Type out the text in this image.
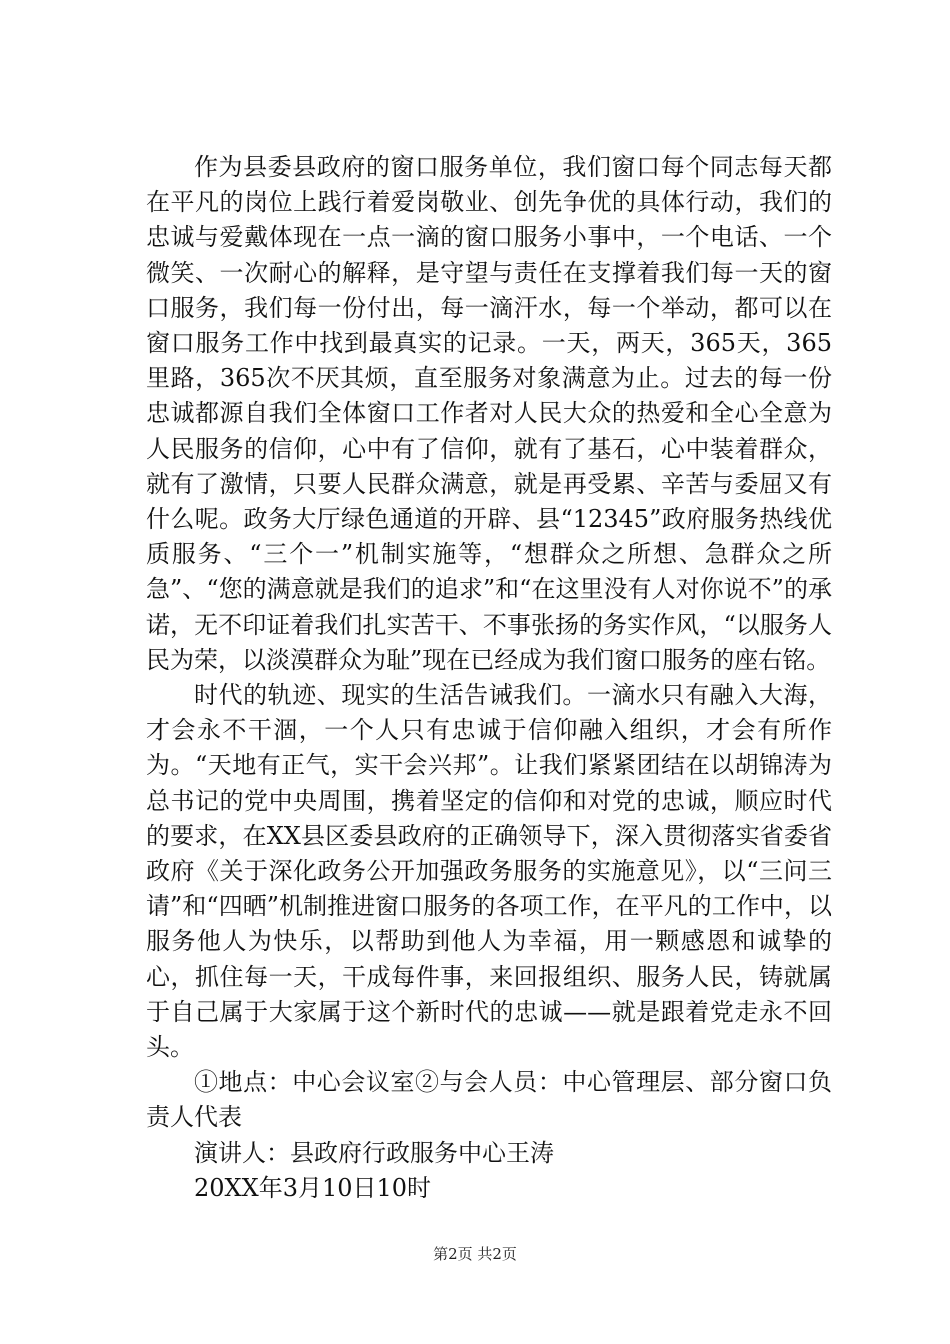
作为县委县政府的窗口服务单位，我们窗口每个同志每天都在平凡的岗位上践行着爱岗敬业、创先争优的具体行动，我们的忠诚与爱戴体现在一点一滴的窗口服务小事中，一个电话、一个微笑、一次耐心的解释，是守望与责任在支撑着我们每一天的窗口服务，我们每一份付出，每一滴汗水，每一个举动，都可以在窗口服务工作中找到最真实的记录。一天，两天，365天，365里路，365次不厌其烦，直至服务对象满意为止。过去的每一份忠诚都源自我们全体窗口工作者对人民大众的热爱和全心全意为人民服务的信仰，心中有了信仰，就有了基石，心中装着群众，就有了激情，只要人民群众满意，就是再受累、辛苦与委屈又有什么呢。政务大厅绿色通道的开辟、县“12345”政府服务热线优质服务、“三个一”机制实施等，“想群众之所想、急群众之所急”、“您的满意就是我们的追求”和“在这里没有人对你说不”的承诺，无不印证着我们扎实苦干、不事张扬的务实作风，“以服务人民为荣，以淡漠群众为耻”现在已经成为我们窗口服务的座右铭。

时代的轨迹、现实的生活告诫我们。一滴水只有融入大海，才会永不干涸，一个人只有忠诚于信仰融入组织，才会有所作为。“天地有正气，实干会兴邦”。让我们紧紧团结在以胡锦涛为总书记的党中央周围，携着坚定的信仰和对党的忠诚，顺应时代的要求，在XX县区委县政府的正确领导下，深入贯彻落实省委省政府《关于深化政务公开加强政务服务的实施意见》，以“三问三请”和“四晒”机制推进窗口服务的各项工作，在平凡的工作中，以服务他人为快乐，以帮助到他人为幸福，用一颗感恩和诚挚的心，抓住每一天，干成每件事，来回报组织、服务人民，铸就属于自己属于大家属于这个新时代的忠诚——就是跟着党走永不回头。

①地点：中心会议室②与会人员：中心管理层、部分窗口负责人代表

演讲人：县政府行政服务中心王涛

20XX年3月10日10时

第2页 共2页
